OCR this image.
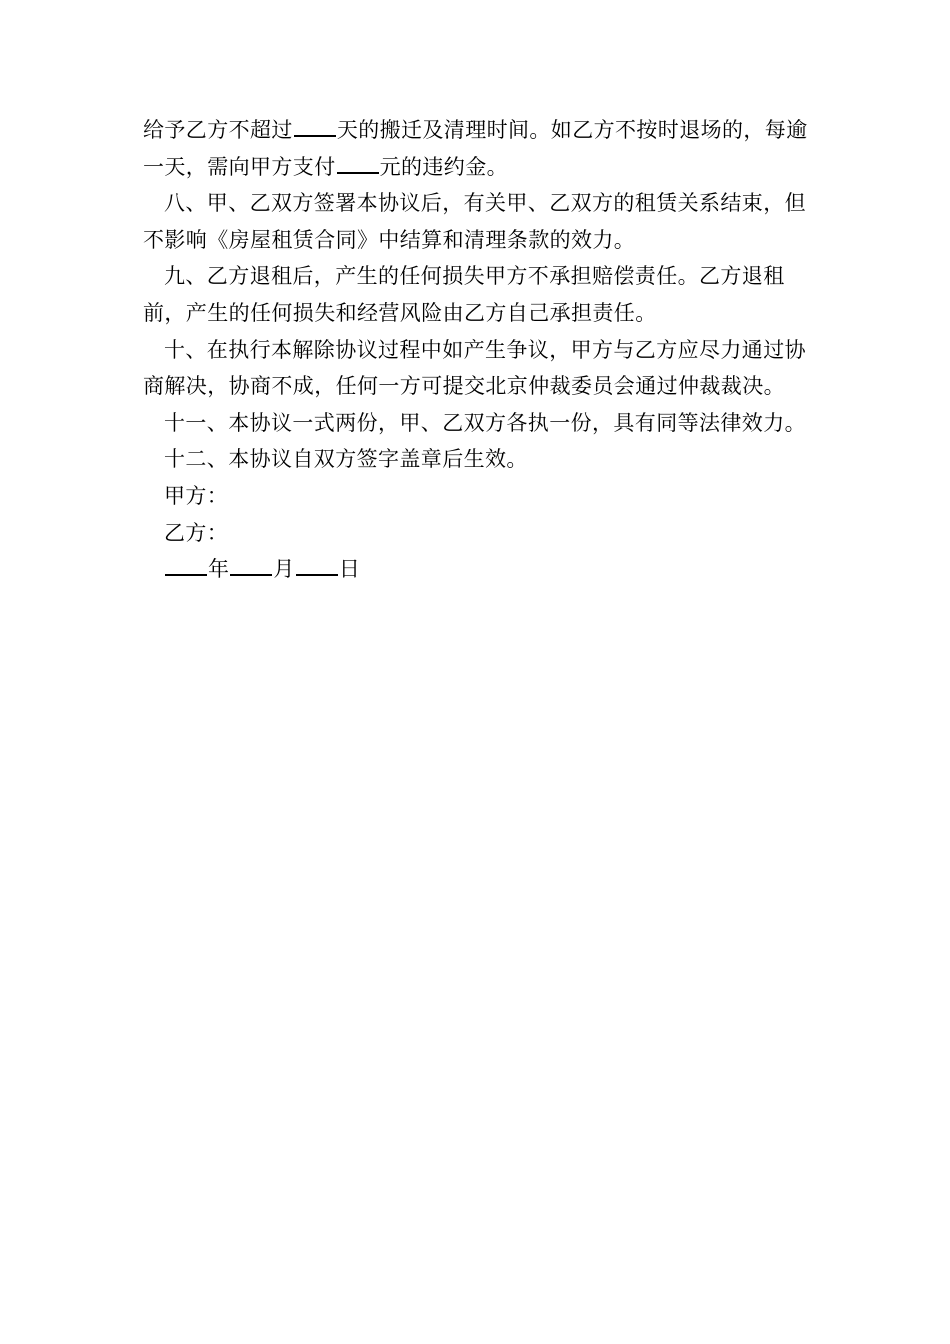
给予乙方不超过 天的搬迁及清理时间。如乙方不按时退场的，每逾一天，需向甲方支付 元的违约金。

八、甲、乙双方签署本协议后，有关甲、乙双方的租赁关系结束，但不影响《房屋租赁合同》中结算和清理条款的效力。

九、乙方退租后，产生的任何损失甲方不承担赔偿责任。乙方退租前，产生的任何损失和经营风险由乙方自己承担责任。

十、在执行本解除协议过程中如产生争议，甲方与乙方应尽力通过协商解决，协商不成，任何一方可提交北京仲裁委员会通过仲裁裁决。

十一、本协议一式两份，甲、乙双方各执一份，具有同等法律效力。

十二、本协议自双方签字盖章后生效。

甲方：

乙方：

年 月 日
